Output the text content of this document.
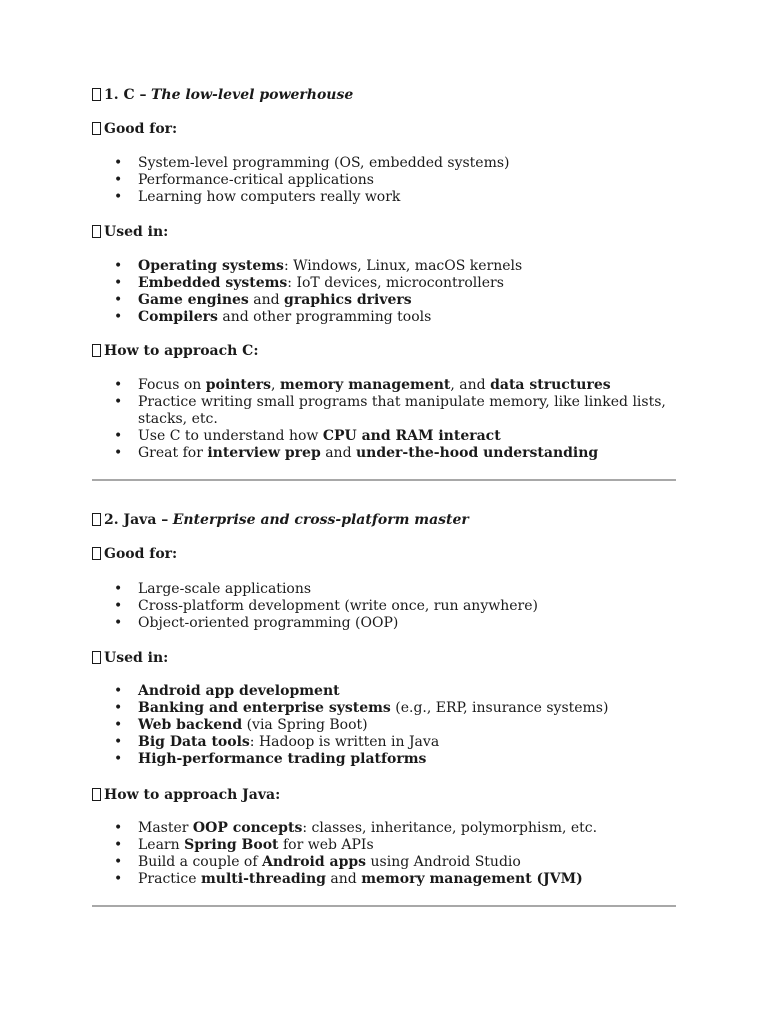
1. C – The low-level powerhouse
Good for:
• System-level programming (OS, embedded systems)
• Performance-critical applications
• Learning how computers really work
Used in:
• Operating systems: Windows, Linux, macOS kernels
• Embedded systems: IoT devices, microcontrollers
• Game engines and graphics drivers
• Compilers and other programming tools
How to approach C:
• Focus on pointers, memory management, and data structures
• Practice writing small programs that manipulate memory, like linked lists, stacks, etc.
• Use C to understand how CPU and RAM interact
• Great for interview prep and under-the-hood understanding
2. Java – Enterprise and cross-platform master
Good for:
• Large-scale applications
• Cross-platform development (write once, run anywhere)
• Object-oriented programming (OOP)
Used in:
• Android app development
• Banking and enterprise systems (e.g., ERP, insurance systems)
• Web backend (via Spring Boot)
• Big Data tools: Hadoop is written in Java
• High-performance trading platforms
How to approach Java:
• Master OOP concepts: classes, inheritance, polymorphism, etc.
• Learn Spring Boot for web APIs
• Build a couple of Android apps using Android Studio
• Practice multi-threading and memory management (JVM)
